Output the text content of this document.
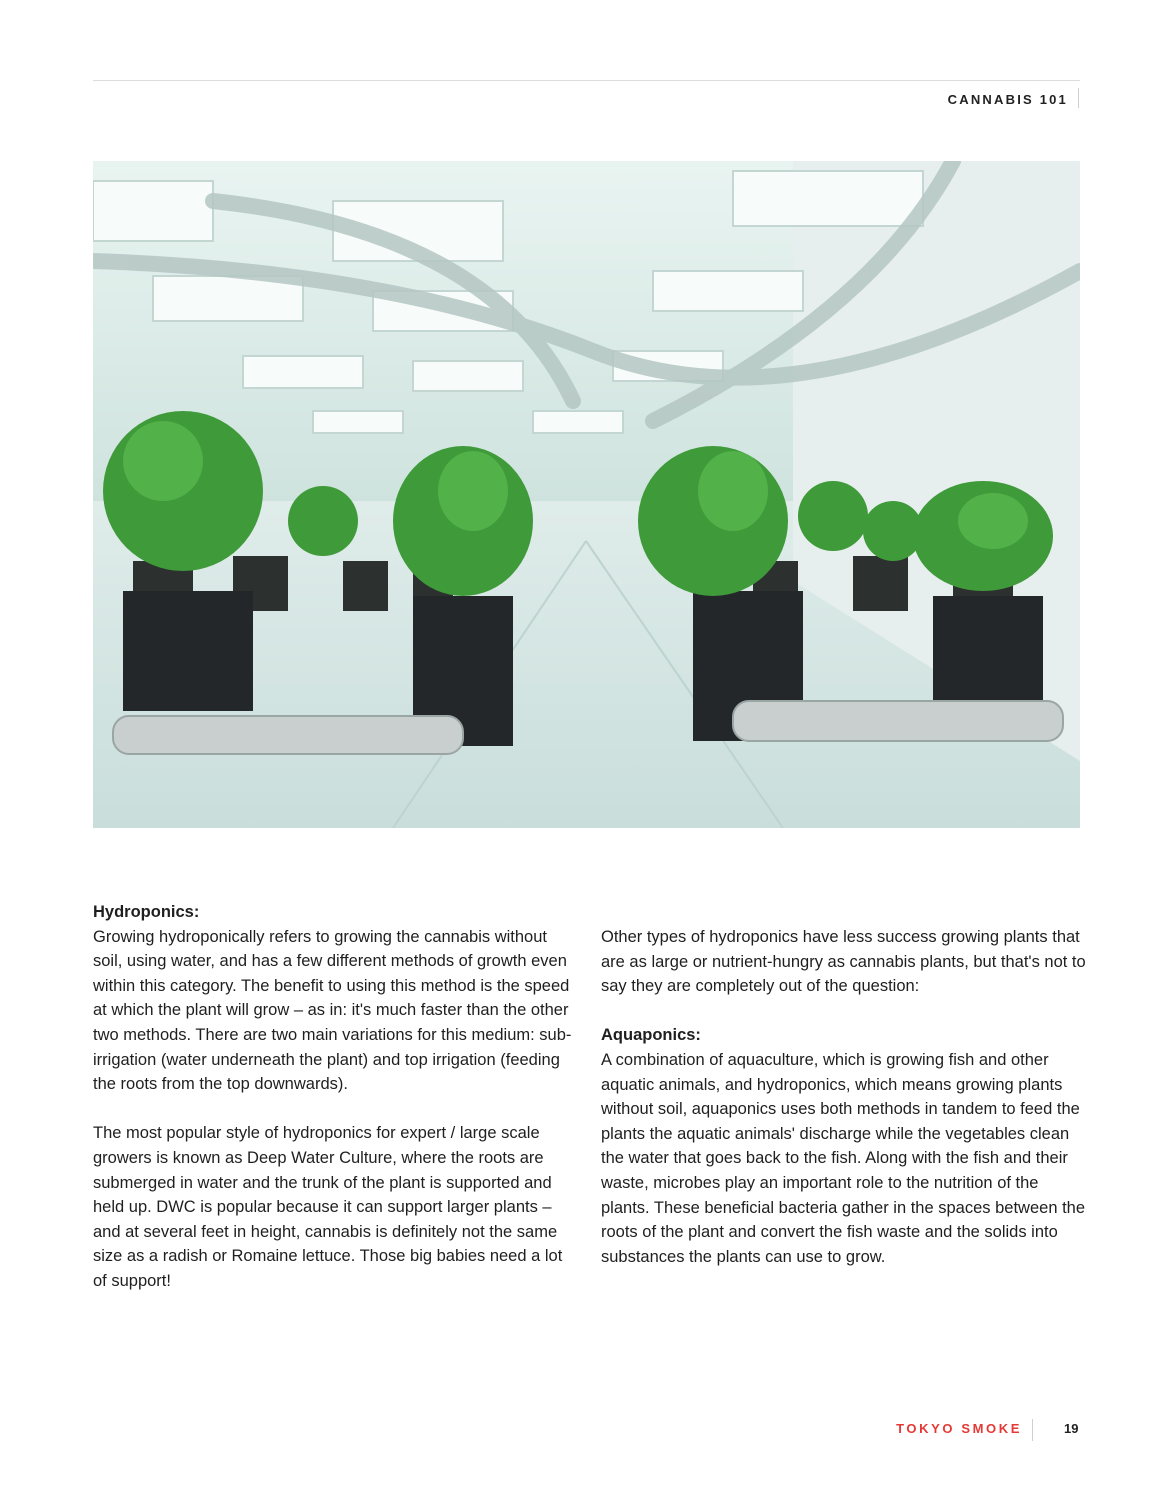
CANNABIS 101
Hydroponics:

Growing hydroponically refers to growing the cannabis without soil, using water, and has a few different methods of growth even within this category. The benefit to using this method is the speed at which the plant will grow – as in: it's much faster than the other two methods. There are two main variations for this medium: sub-irrigation (water underneath the plant) and top irrigation (feeding the roots from the top downwards).

The most popular style of hydroponics for expert / large scale growers is known as Deep Water Culture, where the roots are submerged in water and the trunk of the plant is supported and held up. DWC is popular because it can support larger plants – and at several feet in height, cannabis is definitely not the same size as a radish or Romaine lettuce. Those big babies need a lot of support!

Other types of hydroponics have less success growing plants that are as large or nutrient-hungry as cannabis plants, but that's not to say they are completely out of the question:

Aquaponics:

A combination of aquaculture, which is growing fish and other aquatic animals, and hydroponics, which means growing plants without soil, aquaponics uses both methods in tandem to feed the plants the aquatic animals' discharge while the vegetables clean the water that goes back to the fish. Along with the fish and their waste, microbes play an important role to the nutrition of the plants. These beneficial bacteria gather in the spaces between the roots of the plant and convert the fish waste and the solids into substances the plants can use to grow.

TOKYO SMOKE	19
